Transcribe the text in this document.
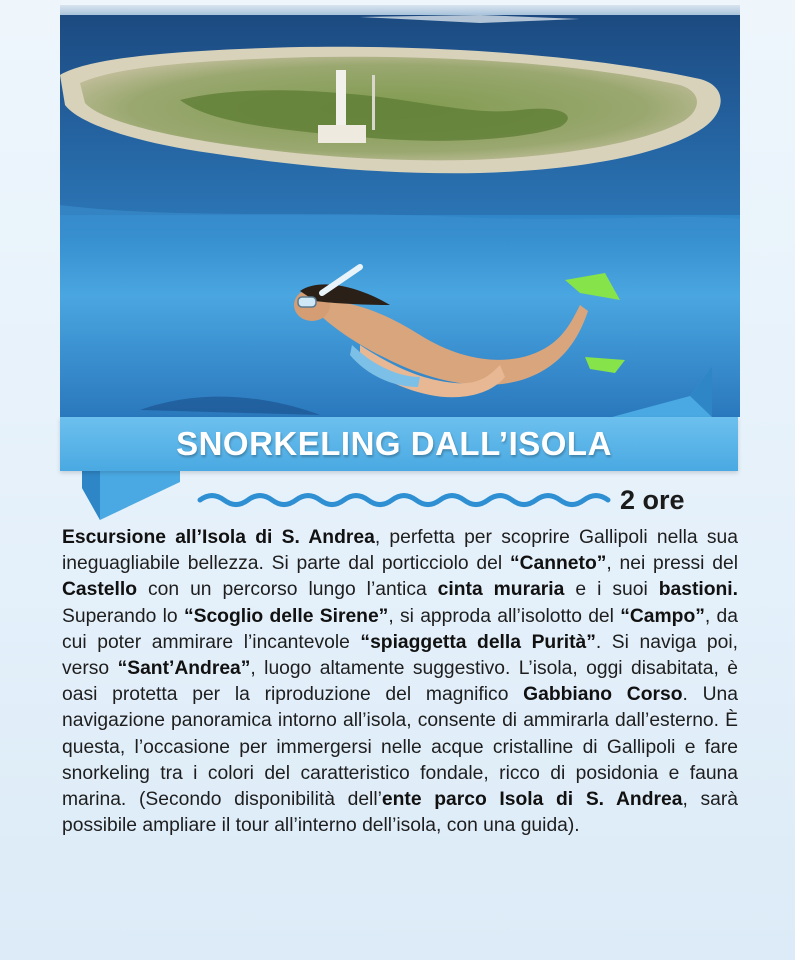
SNORKELING DALL’ISOLA
2 ore

Escursione all’Isola di S. Andrea, perfetta per scoprire Gallipoli nella sua ineguagliabile bellezza. Si parte dal porticciolo del “Canneto”, nei pressi del Castello con un percorso lungo l’antica cinta muraria e i suoi bastioni. Superando lo “Scoglio delle Sirene”, si approda all’isolotto del “Campo”, da cui poter ammirare l’incantevole “spiaggetta della Purità”. Si naviga poi, verso “Sant’Andrea”, luogo altamente suggestivo. L’isola, oggi disabitata, è oasi protetta per la riproduzione del magnifico Gabbiano Corso. Una navigazione panoramica intorno all’isola, consente di ammirarla dall’esterno. È questa, l’occasione per immergersi nelle acque cristalline di Gallipoli e fare snorkeling tra i colori del caratteristico fondale, ricco di posidonia e fauna marina. (Secondo disponibilità dell’ente parco Isola di S. Andrea, sarà possibile ampliare il tour all’interno dell’isola, con una guida).
